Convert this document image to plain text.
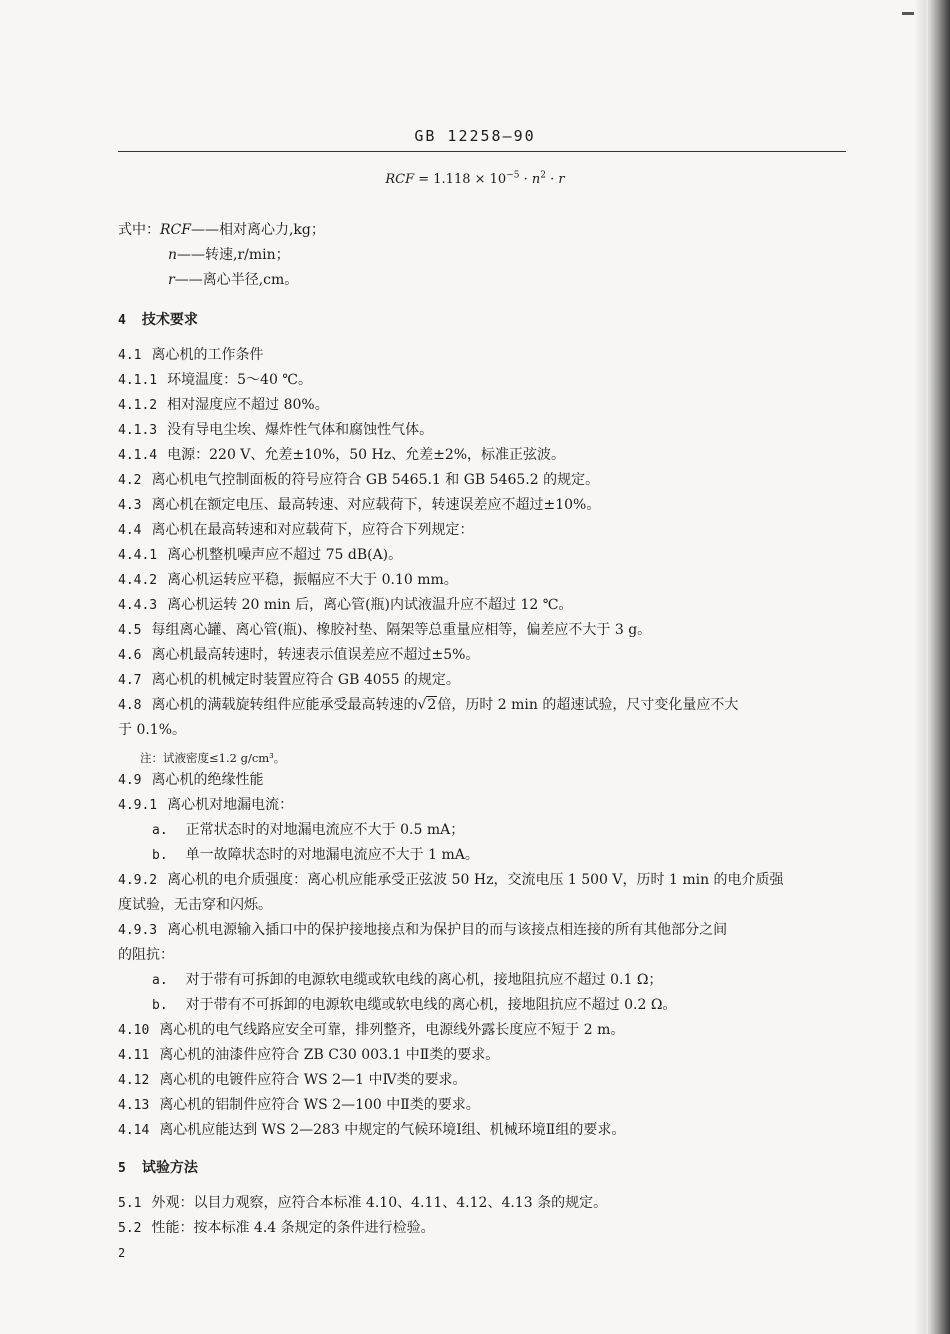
GB 12258—90
RCF = $1.118 \times 10^{-5} \cdot n^2 \cdot r$
式中：RCF——相对离心力,kg；
n——转速,r/min；
r——离心半径,cm。
4 技术要求
4.1 离心机的工作条件
4.1.1 环境温度：5～40 ℃。
4.1.2 相对湿度应不超过 80%。
4.1.3 没有导电尘埃、爆炸性气体和腐蚀性气体。
4.1.4 电源：220 V、允差±10%，50 Hz、允差±2%，标准正弦波。
4.2 离心机电气控制面板的符号应符合 GB 5465.1 和 GB 5465.2 的规定。
4.3 离心机在额定电压、最高转速、对应载荷下，转速误差应不超过±10%。
4.4 离心机在最高转速和对应载荷下，应符合下列规定：
4.4.1 离心机整机噪声应不超过 75 dB(A)。
4.4.2 离心机运转应平稳，振幅应不大于 0.10 mm。
4.4.3 离心机运转 20 min 后，离心管(瓶)内试液温升应不超过 12 ℃。
4.5 每组离心罐、离心管(瓶)、橡胶衬垫、隔架等总重量应相等，偏差应不大于 3 g。
4.6 离心机最高转速时，转速表示值误差应不超过±5%。
4.7 离心机的机械定时装置应符合 GB 4055 的规定。
4.8 离心机的满载旋转组件应能承受最高转速的√2倍，历时 2 min 的超速试验，尺寸变化量应不大
于 0.1%。
注：试液密度≤1.2 g/cm³。
4.9 离心机的绝缘性能
4.9.1 离心机对地漏电流：
a. 正常状态时的对地漏电流应不大于 0.5 mA；
b. 单一故障状态时的对地漏电流应不大于 1 mA。
4.9.2 离心机的电介质强度：离心机应能承受正弦波 50 Hz，交流电压 1 500 V，历时 1 min 的电介质强
度试验，无击穿和闪烁。
4.9.3 离心机电源输入插口中的保护接地接点和为保护目的而与该接点相连接的所有其他部分之间
的阻抗：
a. 对于带有可拆卸的电源软电缆或软电线的离心机，接地阻抗应不超过 0.1 Ω；
b. 对于带有不可拆卸的电源软电缆或软电线的离心机，接地阻抗应不超过 0.2 Ω。
4.10 离心机的电气线路应安全可靠，排列整齐，电源线外露长度应不短于 2 m。
4.11 离心机的油漆件应符合 ZB C30 003.1 中Ⅱ类的要求。
4.12 离心机的电镀件应符合 WS 2—1 中Ⅳ类的要求。
4.13 离心机的铝制件应符合 WS 2—100 中Ⅱ类的要求。
4.14 离心机应能达到 WS 2—283 中规定的气候环境Ⅰ组、机械环境Ⅱ组的要求。
5 试验方法
5.1 外观：以目力观察，应符合本标准 4.10、4.11、4.12、4.13 条的规定。
5.2 性能：按本标准 4.4 条规定的条件进行检验。
2
